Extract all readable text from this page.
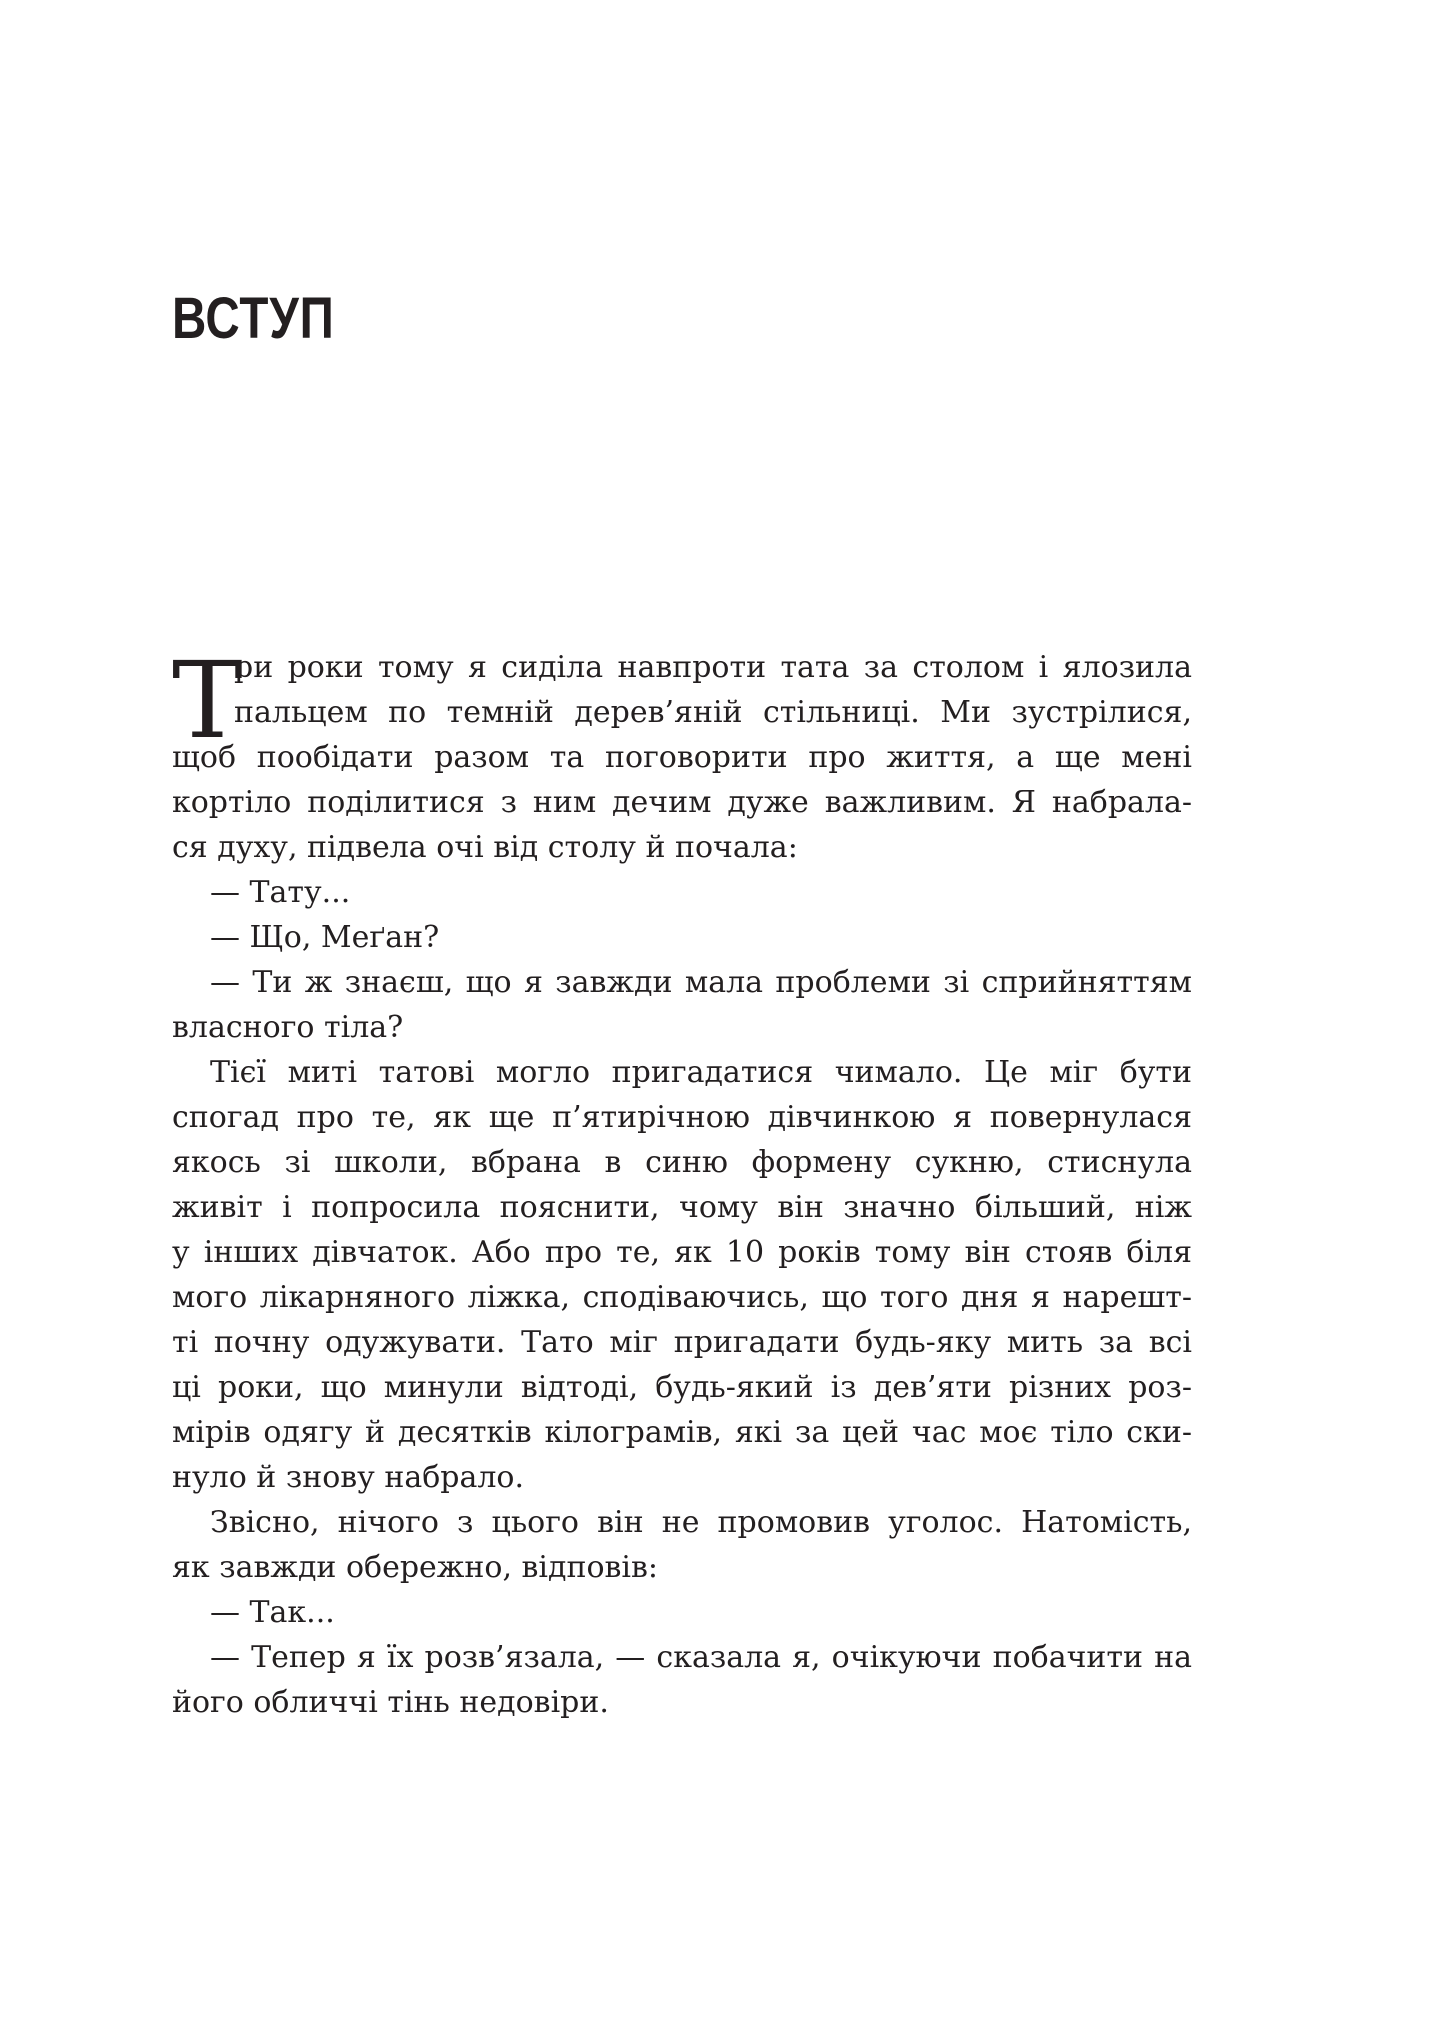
ВСТУП
Т
ри роки тому я сиділа навпроти тата за столом і ялозила
пальцем по темній дерев’яній стільниці. Ми зустрілися,
щоб пообідати разом та поговорити про життя, а ще мені
кортіло поділитися з ним дечим дуже важливим. Я набрала-
ся духу, підвела очі від столу й почала:
— Тату...
— Що, Меґан?
— Ти ж знаєш, що я завжди мала проблеми зі сприйняттям
власного тіла?
Тієї миті татові могло пригадатися чимало. Це міг бути
спогад про те, як ще п’ятирічною дівчинкою я повернулася
якось зі школи, вбрана в синю формену сукню, стиснула
живіт і попросила пояснити, чому він значно більший, ніж
у інших дівчаток. Або про те, як 10 років тому він стояв біля
мого лікарняного ліжка, сподіваючись, що того дня я нарешт-
ті почну одужувати. Тато міг пригадати будь-яку мить за всі
ці роки, що минули відтоді, будь-який із дев’яти різних роз-
мірів одягу й десятків кілограмів, які за цей час моє тіло ски-
нуло й знову набрало.
Звісно, нічого з цього він не промовив уголос. Натомість,
як завжди обережно, відповів:
— Так...
— Тепер я їх розв’язала, — сказала я, очікуючи побачити на
його обличчі тінь недовіри.
